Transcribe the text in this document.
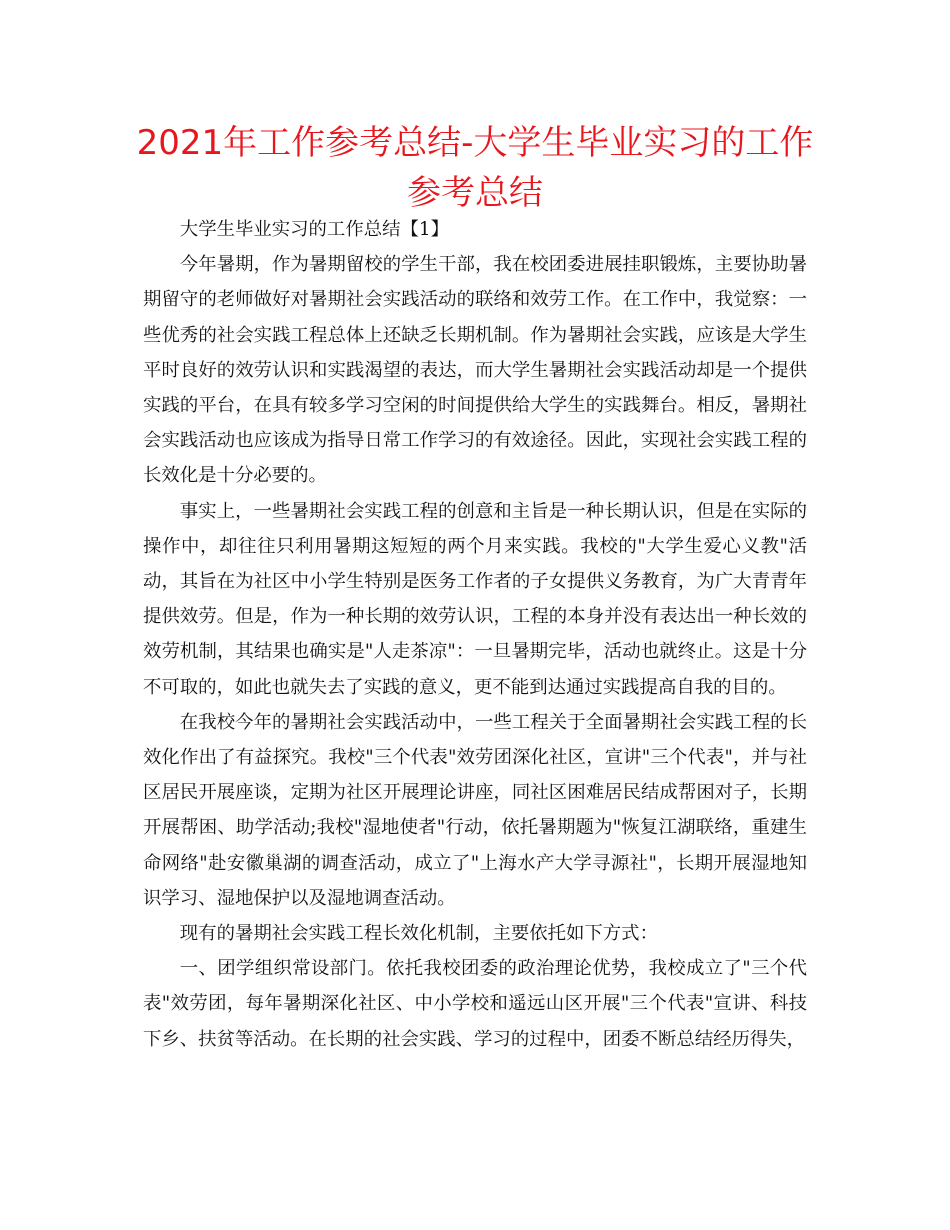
2021年工作参考总结-大学生毕业实习的工作参考总结

大学生毕业实习的工作总结【1】

今年暑期，作为暑期留校的学生干部，我在校团委进展挂职锻炼，主要协助暑期留守的老师做好对暑期社会实践活动的联络和效劳工作。在工作中，我觉察：一些优秀的社会实践工程总体上还缺乏长期机制。作为暑期社会实践，应该是大学生平时良好的效劳认识和实践渴望的表达，而大学生暑期社会实践活动却是一个提供实践的平台，在具有较多学习空闲的时间提供给大学生的实践舞台。相反，暑期社会实践活动也应该成为指导日常工作学习的有效途径。因此，实现社会实践工程的长效化是十分必要的。

事实上，一些暑期社会实践工程的创意和主旨是一种长期认识，但是在实际的操作中，却往往只利用暑期这短短的两个月来实践。我校的"大学生爱心义教"活动，其旨在为社区中小学生特别是医务工作者的子女提供义务教育，为广大青青年提供效劳。但是，作为一种长期的效劳认识，工程的本身并没有表达出一种长效的效劳机制，其结果也确实是"人走茶凉"：一旦暑期完毕，活动也就终止。这是十分不可取的，如此也就失去了实践的意义，更不能到达通过实践提高自我的目的。

在我校今年的暑期社会实践活动中，一些工程关于全面暑期社会实践工程的长效化作出了有益探究。我校"三个代表"效劳团深化社区，宣讲"三个代表"，并与社区居民开展座谈，定期为社区开展理论讲座，同社区困难居民结成帮困对子，长期开展帮困、助学活动;我校"湿地使者"行动，依托暑期题为"恢复江湖联络，重建生命网络"赴安徽巢湖的调查活动，成立了"上海水产大学寻源社"，长期开展湿地知识学习、湿地保护以及湿地调查活动。

现有的暑期社会实践工程长效化机制，主要依托如下方式：

一、团学组织常设部门。依托我校团委的政治理论优势，我校成立了"三个代表"效劳团，每年暑期深化社区、中小学校和遥远山区开展"三个代表"宣讲、科技下乡、扶贫等活动。在长期的社会实践、学习的过程中，团委不断总结经历得失，
